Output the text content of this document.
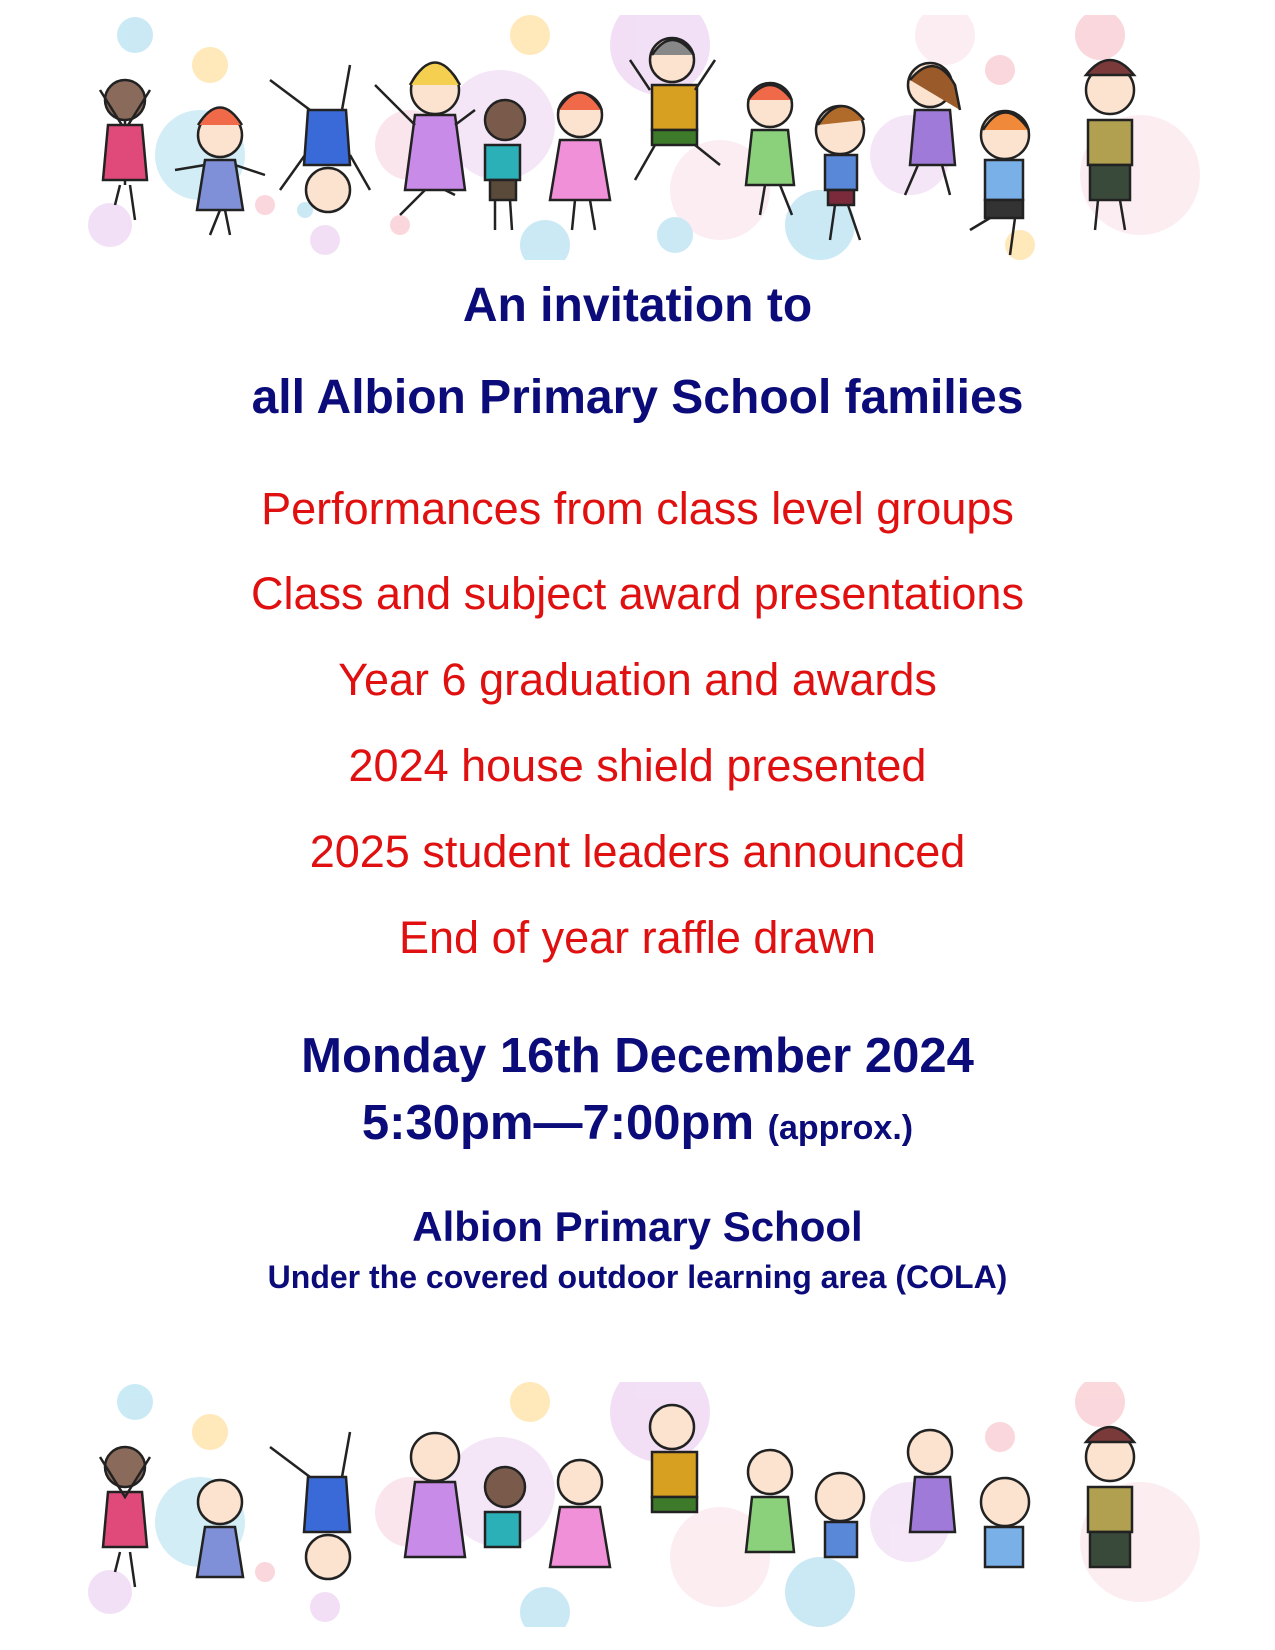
An invitation to
all Albion Primary School families
Performances from class level groups
Class and subject award presentations
Year 6 graduation and awards
2024 house shield presented
2025 student leaders announced
End of year raffle drawn
Monday 16th December 2024
5:30pm—7:00pm (approx.)
Albion Primary School
Under the covered outdoor learning area (COLA)
